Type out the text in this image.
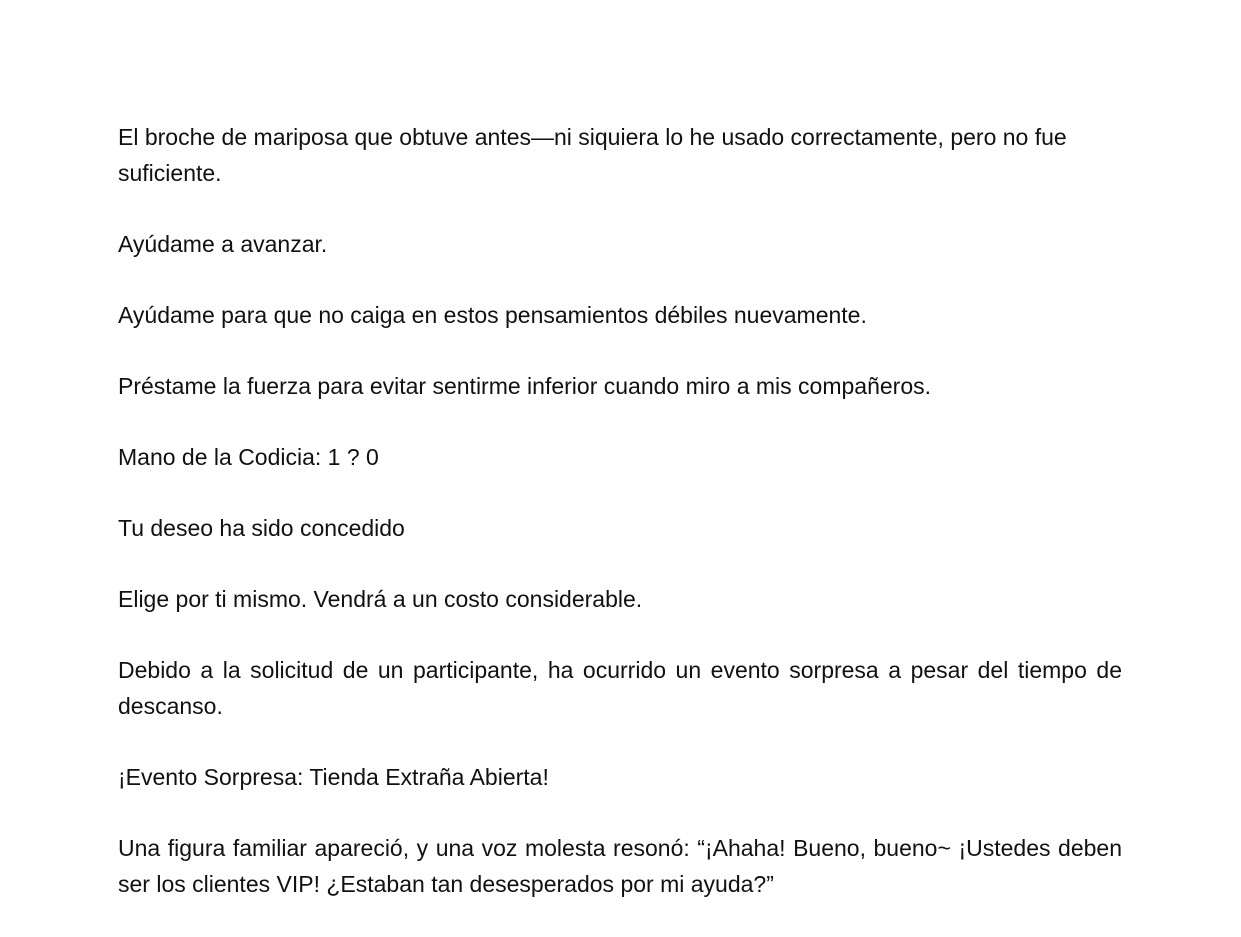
El broche de mariposa que obtuve antes—ni siquiera lo he usado correctamente, pero no fue suficiente.

Ayúdame a avanzar.

Ayúdame para que no caiga en estos pensamientos débiles nuevamente.

Préstame la fuerza para evitar sentirme inferior cuando miro a mis compañeros.

Mano de la Codicia: 1 ? 0

Tu deseo ha sido concedido

Elige por ti mismo. Vendrá a un costo considerable.

Debido a la solicitud de un participante, ha ocurrido un evento sorpresa a pesar del tiempo de descanso.

¡Evento Sorpresa: Tienda Extraña Abierta!

Una figura familiar apareció, y una voz molesta resonó: “¡Ahaha! Bueno, bueno~ ¡Ustedes deben ser los clientes VIP! ¿Estaban tan desesperados por mi ayuda?”
